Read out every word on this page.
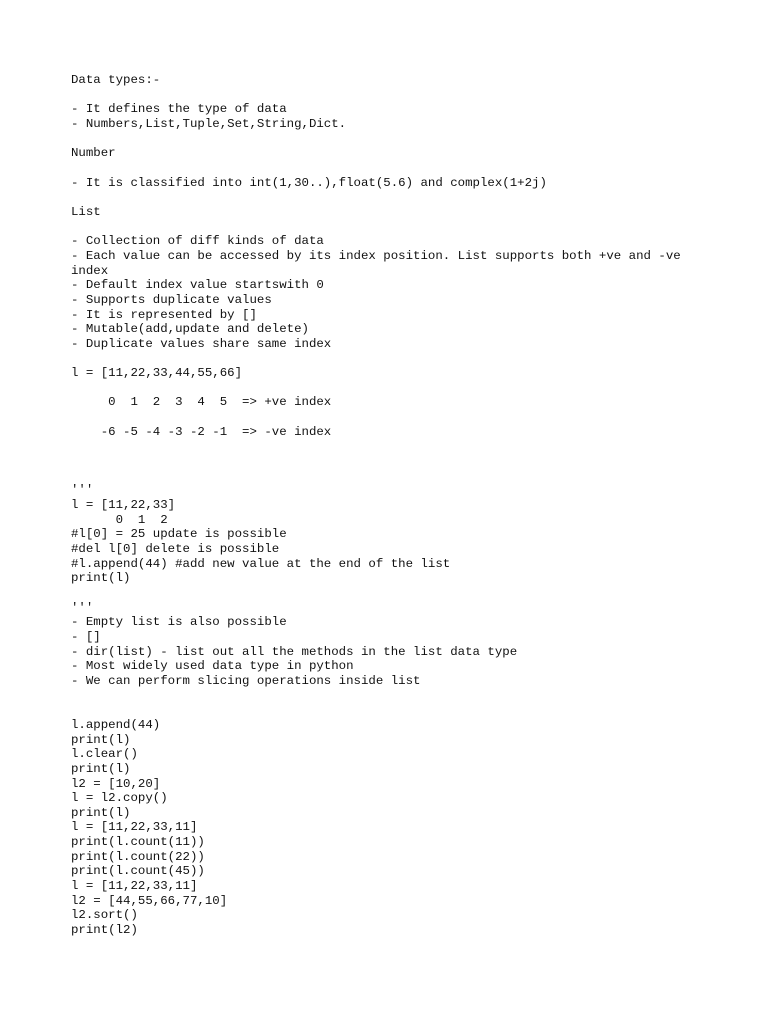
Data types:-
- It defines the type of data
- Numbers,List,Tuple,Set,String,Dict.
Number
- It is classified into int(1,30..),float(5.6) and complex(1+2j)
List
- Collection of diff kinds of data
- Each value can be accessed by its index position. List supports both +ve and -ve
index
- Default index value startswith 0
- Supports duplicate values
- It is represented by []
- Mutable(add,update and delete)
- Duplicate values share same index
l = [11,22,33,44,55,66]
0  1  2  3  4  5  => +ve index
-6 -5 -4 -3 -2 -1  => -ve index
'''
l = [11,22,33]
0  1  2
#l[0] = 25 update is possible
#del l[0] delete is possible
#l.append(44) #add new value at the end of the list
print(l)
'''
- Empty list is also possible
- []
- dir(list) - list out all the methods in the list data type
- Most widely used data type in python
- We can perform slicing operations inside list
l.append(44)
print(l)
l.clear()
print(l)
l2 = [10,20]
l = l2.copy()
print(l)
l = [11,22,33,11]
print(l.count(11))
print(l.count(22))
print(l.count(45))
l = [11,22,33,11]
l2 = [44,55,66,77,10]
l2.sort()
print(l2)
